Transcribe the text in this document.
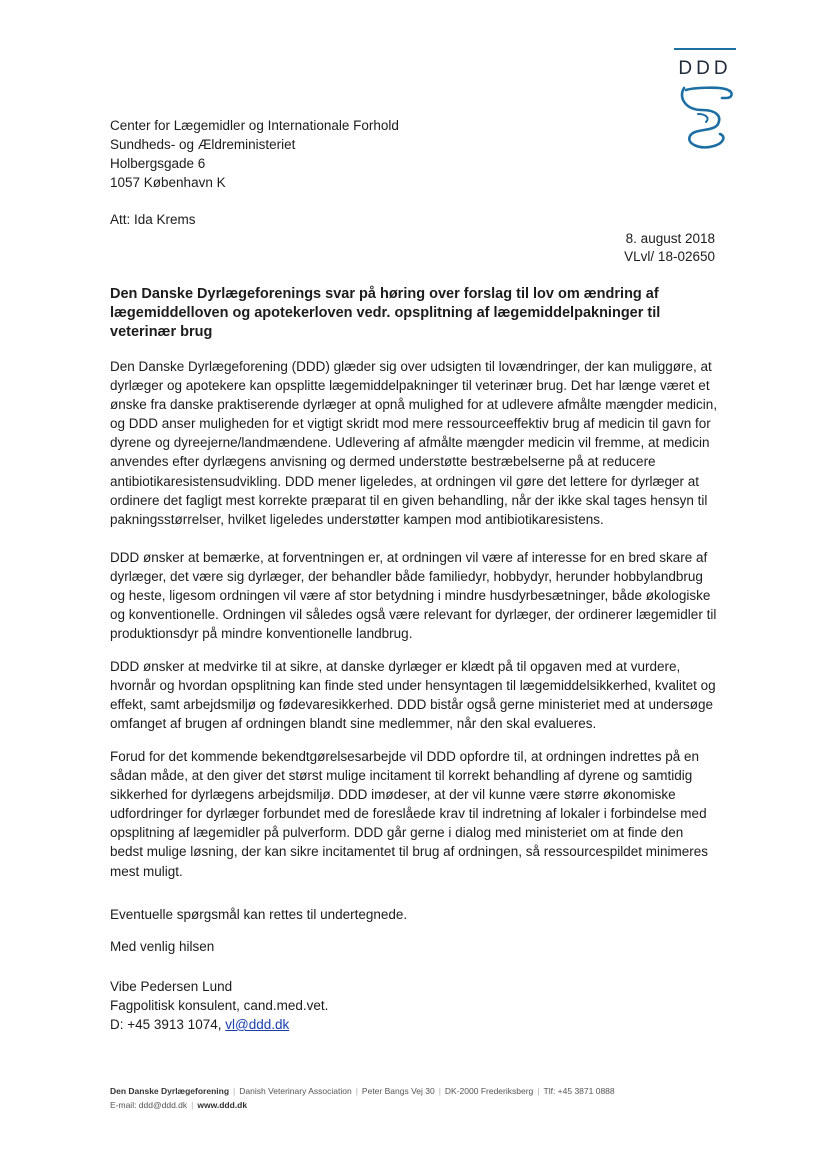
DDD
Center for Lægemidler og Internationale Forhold
Sundheds- og Ældreministeriet
Holbergsgade 6
1057 København K
Att: Ida Krems
8. august 2018
VLvl/ 18-02650
Den Danske Dyrlægeforenings svar på høring over forslag til lov om ændring af lægemiddelloven og apotekerloven vedr. opsplitning af lægemiddelpakninger til veterinær brug

Den Danske Dyrlægeforening (DDD) glæder sig over udsigten til lovændringer, der kan muliggøre, at dyrlæger og apotekere kan opsplitte lægemiddelpakninger til veterinær brug. Det har længe været et ønske fra danske praktiserende dyrlæger at opnå mulighed for at udlevere afmålte mængder medicin, og DDD anser muligheden for et vigtigt skridt mod mere ressourceeffektiv brug af medicin til gavn for dyrene og dyreejerne/landmændene. Udlevering af afmålte mængder medicin vil fremme, at medicin anvendes efter dyrlægens anvisning og dermed understøtte bestræbelserne på at reducere antibiotikaresistensudvikling. DDD mener ligeledes, at ordningen vil gøre det lettere for dyrlæger at ordinere det fagligt mest korrekte præparat til en given behandling, når der ikke skal tages hensyn til pakningsstørrelser, hvilket ligeledes understøtter kampen mod antibiotikaresistens.

DDD ønsker at bemærke, at forventningen er, at ordningen vil være af interesse for en bred skare af dyrlæger, det være sig dyrlæger, der behandler både familiedyr, hobbydyr, herunder hobbylandbrug og heste, ligesom ordningen vil være af stor betydning i mindre husdyrbesætninger, både økologiske og konventionelle. Ordningen vil således også være relevant for dyrlæger, der ordinerer lægemidler til produktionsdyr på mindre konventionelle landbrug.

DDD ønsker at medvirke til at sikre, at danske dyrlæger er klædt på til opgaven med at vurdere, hvornår og hvordan opsplitning kan finde sted under hensyntagen til lægemiddelsikkerhed, kvalitet og effekt, samt arbejdsmiljø og fødevaresikkerhed. DDD bistår også gerne ministeriet med at undersøge omfanget af brugen af ordningen blandt sine medlemmer, når den skal evalueres.

Forud for det kommende bekendtgørelsesarbejde vil DDD opfordre til, at ordningen indrettes på en sådan måde, at den giver det størst mulige incitament til korrekt behandling af dyrene og samtidig sikkerhed for dyrlægens arbejdsmiljø. DDD imødeser, at der vil kunne være større økonomiske udfordringer for dyrlæger forbundet med de foreslåede krav til indretning af lokaler i forbindelse med opsplitning af lægemidler på pulverform. DDD går gerne i dialog med ministeriet om at finde den bedst mulige løsning, der kan sikre incitamentet til brug af ordningen, så ressourcespildet minimeres mest muligt.

Eventuelle spørgsmål kan rettes til undertegnede.

Med venlig hilsen
Vibe Pedersen Lund
Fagpolitisk konsulent, cand.med.vet.
D: +45 3913 1074, vl@ddd.dk
Den Danske Dyrlægeforening | Danish Veterinary Association | Peter Bangs Vej 30 | DK-2000 Frederiksberg | Tlf: +45 3871 0888
E-mail: ddd@ddd.dk | www.ddd.dk
